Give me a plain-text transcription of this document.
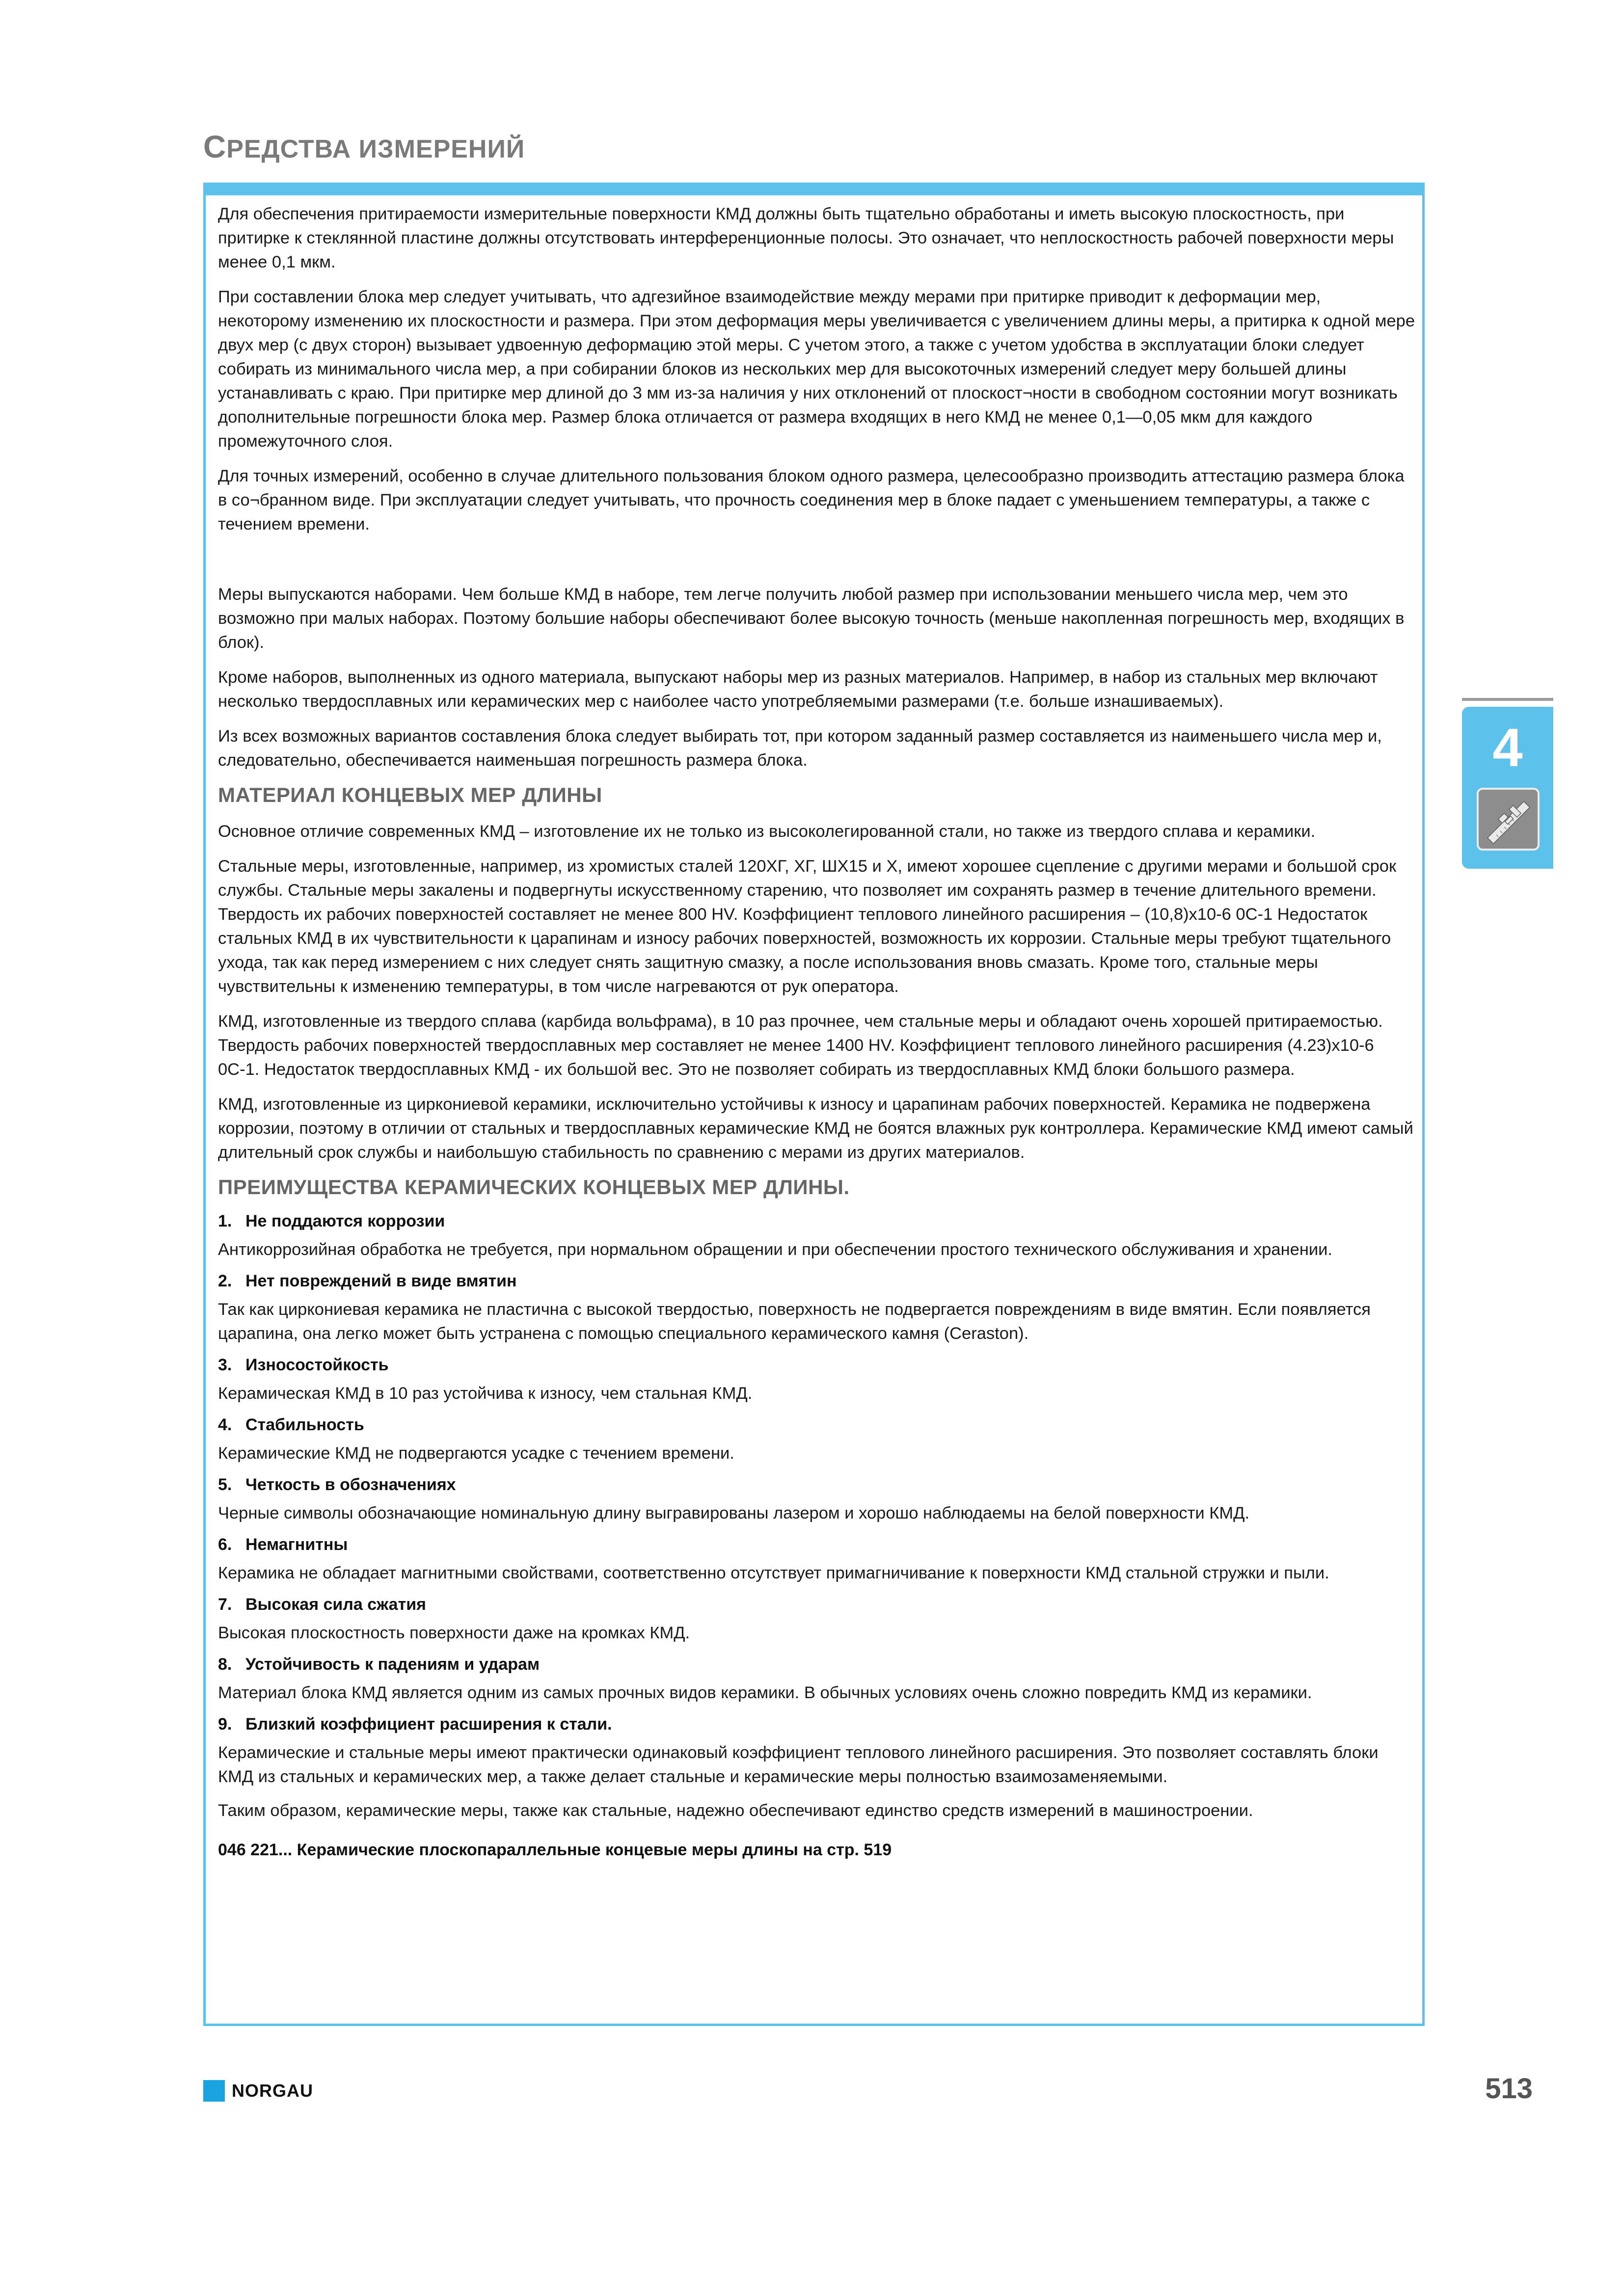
СРЕДСТВА ИЗМЕРЕНИЙ

Для обеспечения притираемости измерительные поверхности КМД должны быть тщательно обработаны и иметь высокую плоскостность, при притирке к стеклянной пластине должны отсутствовать интерференционные полосы. Это означает, что неплоскостность рабочей поверхности меры менее 0,1 мкм.

При составлении блока мер следует учитывать, что адгезийное взаимодействие между мерами при притирке приводит к деформации мер, некоторому изменению их плоскостности и размера. При этом деформация меры увеличивается с увеличением длины меры, а притирка к одной мере двух мер (с двух сторон) вызывает удвоенную деформацию этой меры. С учетом этого, а также с учетом удобства в эксплуатации блоки следует собирать из минимального числа мер, а при собирании блоков из нескольких мер для высокоточных измерений следует меру большей длины устанавливать с краю. При притирке мер длиной до 3 мм из-за наличия у них отклонений от плоскост¬ности в свободном состоянии могут возникать дополнительные погрешности блока мер. Размер блока отличается от размера входящих в него КМД не менее 0,1—0,05 мкм для каждого промежуточного слоя.

Для точных измерений, особенно в случае длительного пользования блоком одного размера, целесообразно производить аттестацию размера блока в со¬бранном виде. При эксплуатации следует учитывать, что прочность соединения мер в блоке падает с уменьшением температуры, а также с течением времени.

Меры выпускаются наборами. Чем больше КМД в наборе, тем легче получить любой размер при использовании меньшего числа мер, чем это возможно при малых наборах. Поэтому большие наборы обеспечивают более высокую точность (меньше накопленная погрешность мер, входящих в блок).

Кроме наборов, выполненных из одного материала, выпускают наборы мер из разных материалов. Например, в набор из стальных мер включают несколько твердосплавных или керамических мер с наиболее часто употребляемыми размерами (т.е. больше изнашиваемых).

Из всех возможных вариантов составления блока следует выбирать тот, при котором заданный размер составляется из наименьшего числа мер и, следовательно, обеспечивается наименьшая погрешность размера блока.

МАТЕРИАЛ КОНЦЕВЫХ МЕР ДЛИНЫ

Основное отличие современных КМД – изготовление их не только из высоколегированной стали, но также из твердого сплава и керамики.

Стальные меры, изготовленные, например, из хромистых сталей 120ХГ, ХГ, ШХ15 и Х, имеют хорошее сцепление с другими мерами и большой срок службы. Стальные меры закалены и подвергнуты искусственному старению, что позволяет им сохранять размер в течение длительного времени. Твердость их рабочих поверхностей составляет не менее 800 HV. Коэффициент теплового линейного расширения – (10,8)х10-6 0С-1 Недостаток стальных КМД в их чувствительности к царапинам и износу рабочих поверхностей, возможность их коррозии. Стальные меры требуют тщательного ухода, так как перед измерением с них следует снять защитную смазку, а после использования вновь смазать. Кроме того, стальные меры чувствительны к изменению температуры, в том числе нагреваются от рук оператора.

КМД, изготовленные из твердого сплава (карбида вольфрама), в 10 раз прочнее, чем стальные меры и обладают очень хорошей притираемостью. Твердость рабочих поверхностей твердосплавных мер составляет не менее 1400 HV. Коэффициент теплового линейного расширения (4.23)х10-6 0С-1. Недостаток твердосплавных КМД - их большой вес. Это не позволяет собирать из твердосплавных КМД блоки большого размера.

КМД, изготовленные из циркониевой керамики, исключительно устойчивы к износу и царапинам рабочих поверхностей. Керамика не подвержена коррозии, поэтому в отличии от стальных и твердосплавных керамические КМД не боятся влажных рук контроллера. Керамические КМД имеют самый длительный срок службы и наибольшую стабильность по сравнению с мерами из других материалов.

ПРЕИМУЩЕСТВА КЕРАМИЧЕСКИХ КОНЦЕВЫХ МЕР ДЛИНЫ.
1. Не поддаются коррозии

Антикоррозийная обработка не требуется, при нормальном обращении и при обеспечении простого технического обслуживания и хранении.

2. Нет повреждений в виде вмятин

Так как циркониевая керамика не пластична с высокой твердостью, поверхность не подвергается повреждениям в виде вмятин. Если появляется царапина, она легко может быть устранена с помощью специального керамического камня (Ceraston).

3. Износостойкость

Керамическая КМД в 10 раз устойчива к износу, чем стальная КМД.

4. Стабильность

Керамические КМД не подвергаются усадке с течением времени.

5. Четкость в обозначениях

Черные символы обозначающие номинальную длину выгравированы лазером и хорошо наблюдаемы на белой поверхности КМД.

6. Немагнитны

Керамика не обладает магнитными свойствами, соответственно отсутствует примагничивание к поверхности КМД стальной стружки и пыли.

7. Высокая сила сжатия

Высокая плоскостность поверхности даже на кромках КМД.

8. Устойчивость к падениям и ударам

Материал блока КМД является одним из самых прочных видов керамики. В обычных условиях очень сложно повредить КМД из керамики.

9. Близкий коэффициент расширения к стали.

Керамические и стальные меры имеют практически одинаковый коэффициент теплового линейного расширения. Это позволяет составлять блоки КМД из стальных и керамических мер, а также делает стальные и керамические меры полностью взаимозаменяемыми.

Таким образом, керамические меры, также как стальные, надежно обеспечивают единство средств измерений в машиностроении.

046 221... Керамические плоскопараллельные концевые меры длины на стр. 519
4
NORGAU	513
